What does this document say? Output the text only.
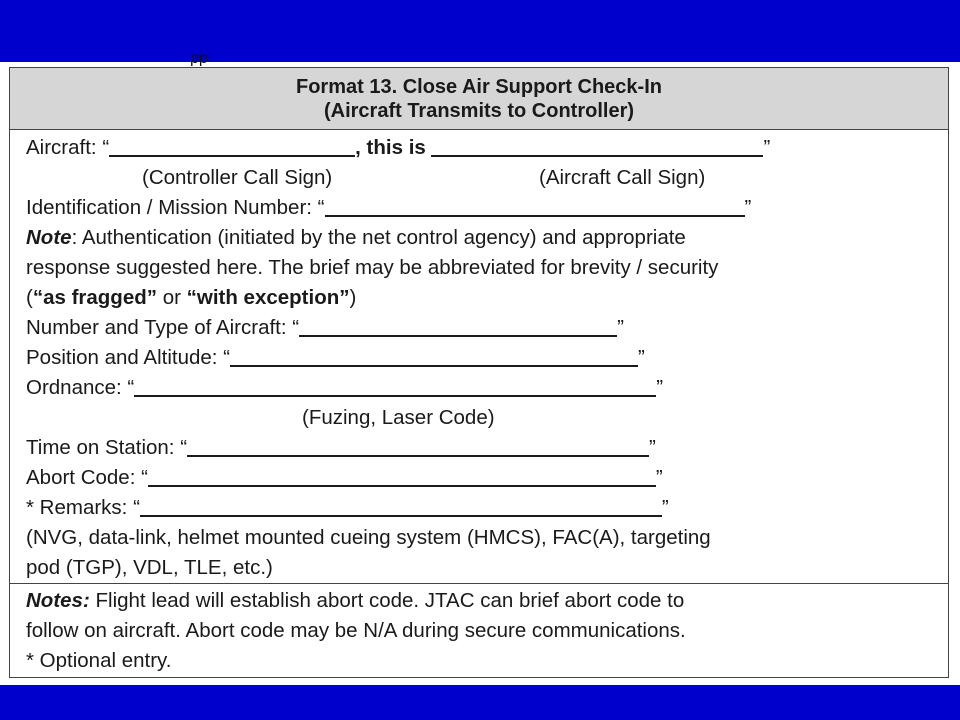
pp
Format 13. Close Air Support Check-In
(Aircraft Transmits to Controller)
Aircraft: “	, this is	”
(Controller Call Sign)	(Aircraft Call Sign)
Identification / Mission Number: “	”
Note: Authentication (initiated by the net control agency) and appropriate
response suggested here. The brief may be abbreviated for brevity / security
(“as fragged” or “with exception”)
Number and Type of Aircraft: “	”
Position and Altitude: “	”
Ordnance: “	”
(Fuzing, Laser Code)
Time on Station: “	”
Abort Code: “	”
* Remarks: “	”
(NVG, data-link, helmet mounted cueing system (HMCS), FAC(A), targeting
pod (TGP), VDL, TLE, etc.)
Notes: Flight lead will establish abort code. JTAC can brief abort code to
follow on aircraft. Abort code may be N/A during secure communications.
* Optional entry.
